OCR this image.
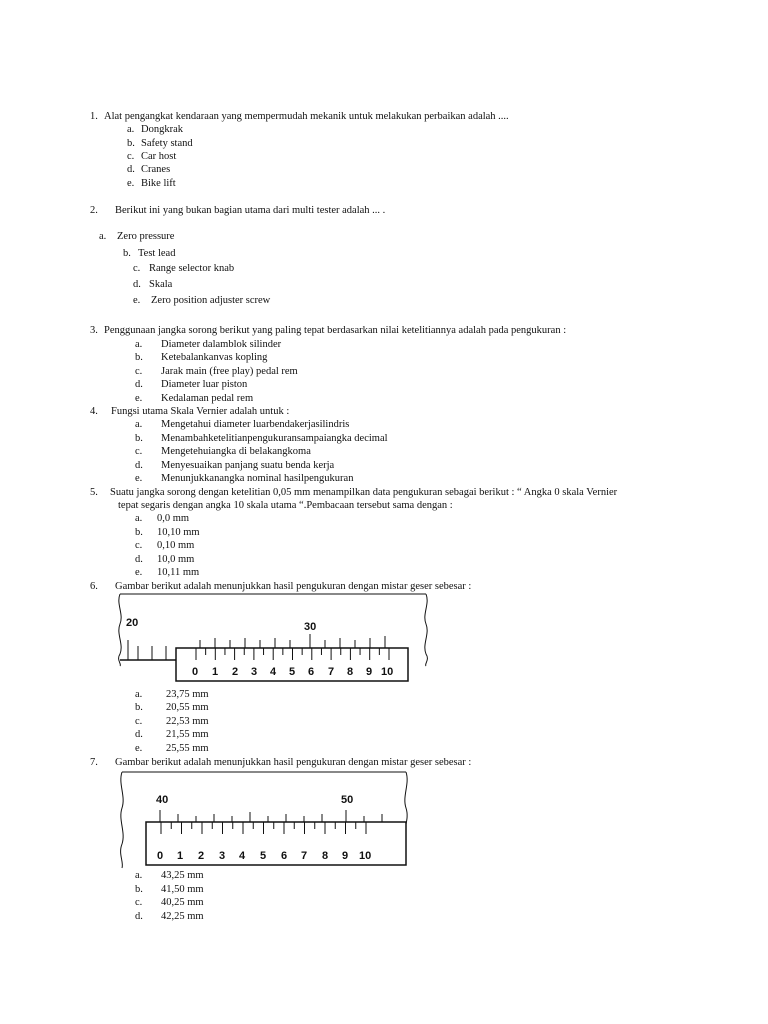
1. Alat pengangkat kendaraan yang mempermudah mekanik untuk melakukan perbaikan adalah ....
a. Dongkrak
b. Safety stand
c. Car host
d. Cranes
e. Bike lift
2. Berikut ini yang bukan bagian utama dari multi tester adalah ... .
a. Zero pressure
b. Test lead
c. Range selector knab
d. Skala
e. Zero position adjuster screw
3. Penggunaan jangka sorong berikut yang paling tepat berdasarkan nilai ketelitiannya adalah pada pengukuran :
a. Diameter dalamblok silinder
b. Ketebalankanvas kopling
c. Jarak main (free play) pedal rem
d. Diameter luar piston
e. Kedalaman pedal rem
4. Fungsi utama Skala Vernier adalah untuk :
a. Mengetahui diameter luarbendakerjasilindris
b. Menambahketelitianpengukuransampaiangka decimal
c. Mengetehuiangka di belakangkoma
d. Menyesuaikan panjang suatu benda kerja
e. Menunjukkanangka nominal hasilpengukuran
5. Suatu jangka sorong dengan ketelitian 0,05 mm menampilkan data pengukuran sebagai berikut : “ Angka 0 skala Vernier
tepat segaris dengan angka 10 skala utama “.Pembacaan tersebut sama dengan :
a. 0,0 mm
b. 10,10 mm
c. 0,10 mm
d. 10,0 mm
e. 10,11 mm
6. Gambar berikut adalah menunjukkan hasil pengukuran dengan mistar geser sebesar :
20	30
0 1 2 3 4 5 6 7 8 9 10
a. 23,75 mm
b. 20,55 mm
c. 22,53 mm
d. 21,55 mm
e. 25,55 mm
7. Gambar berikut adalah menunjukkan hasil pengukuran dengan mistar geser sebesar :
40	50
0 1 2 3 4 5 6 7 8 9 10
a. 43,25 mm
b. 41,50 mm
c. 40,25 mm
d. 42,25 mm
